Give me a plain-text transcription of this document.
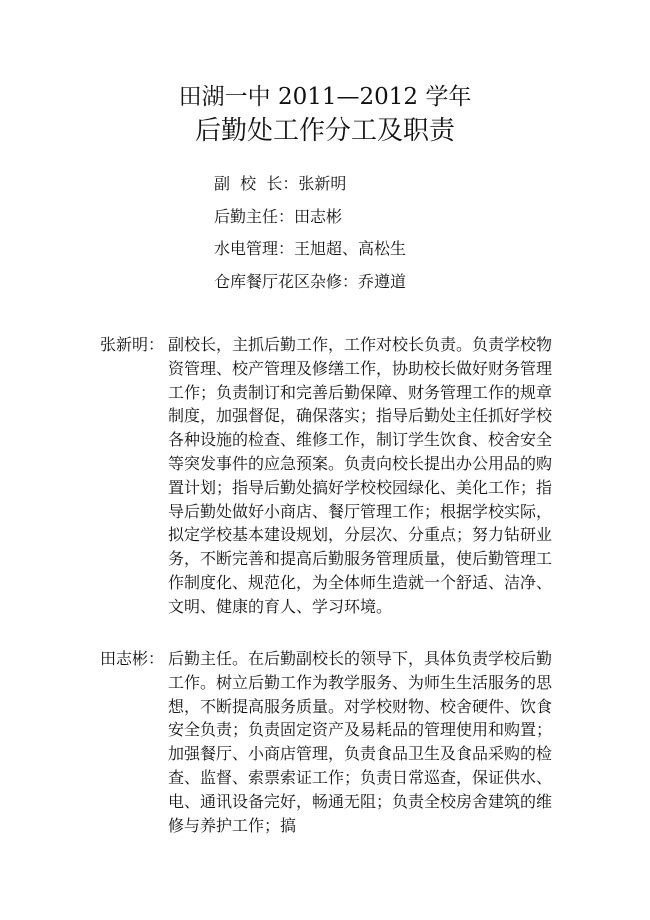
田湖一中 2011—2012 学年
后勤处工作分工及职责
副  校  长：张新明
后勤主任：田志彬
水电管理：王旭超、高松生
仓库餐厅花区杂修：乔遵道
张新明： 副校长，主抓后勤工作，工作对校长负责。负责学校物资管理、校产管理及修缮工作，协助校长做好财务管理工作；负责制订和完善后勤保障、财务管理工作的规章制度，加强督促，确保落实；指导后勤处主任抓好学校各种设施的检查、维修工作，制订学生饮食、校舍安全等突发事件的应急预案。负责向校长提出办公用品的购置计划；指导后勤处搞好学校校园绿化、美化工作；指导后勤处做好小商店、餐厅管理工作；根据学校实际，拟定学校基本建设规划，分层次、分重点；努力钻研业务，不断完善和提高后勤服务管理质量，使后勤管理工作制度化、规范化，为全体师生造就一个舒适、洁净、文明、健康的育人、学习环境。
田志彬： 后勤主任。在后勤副校长的领导下，具体负责学校后勤工作。树立后勤工作为教学服务、为师生生活服务的思想，不断提高服务质量。对学校财物、校舍硬件、饮食安全负责；负责固定资产及易耗品的管理使用和购置；加强餐厅、小商店管理，负责食品卫生及食品采购的检查、监督、索票索证工作；负责日常巡查，保证供水、电、通讯设备完好，畅通无阻；负责全校房舍建筑的维修与养护工作；搞
